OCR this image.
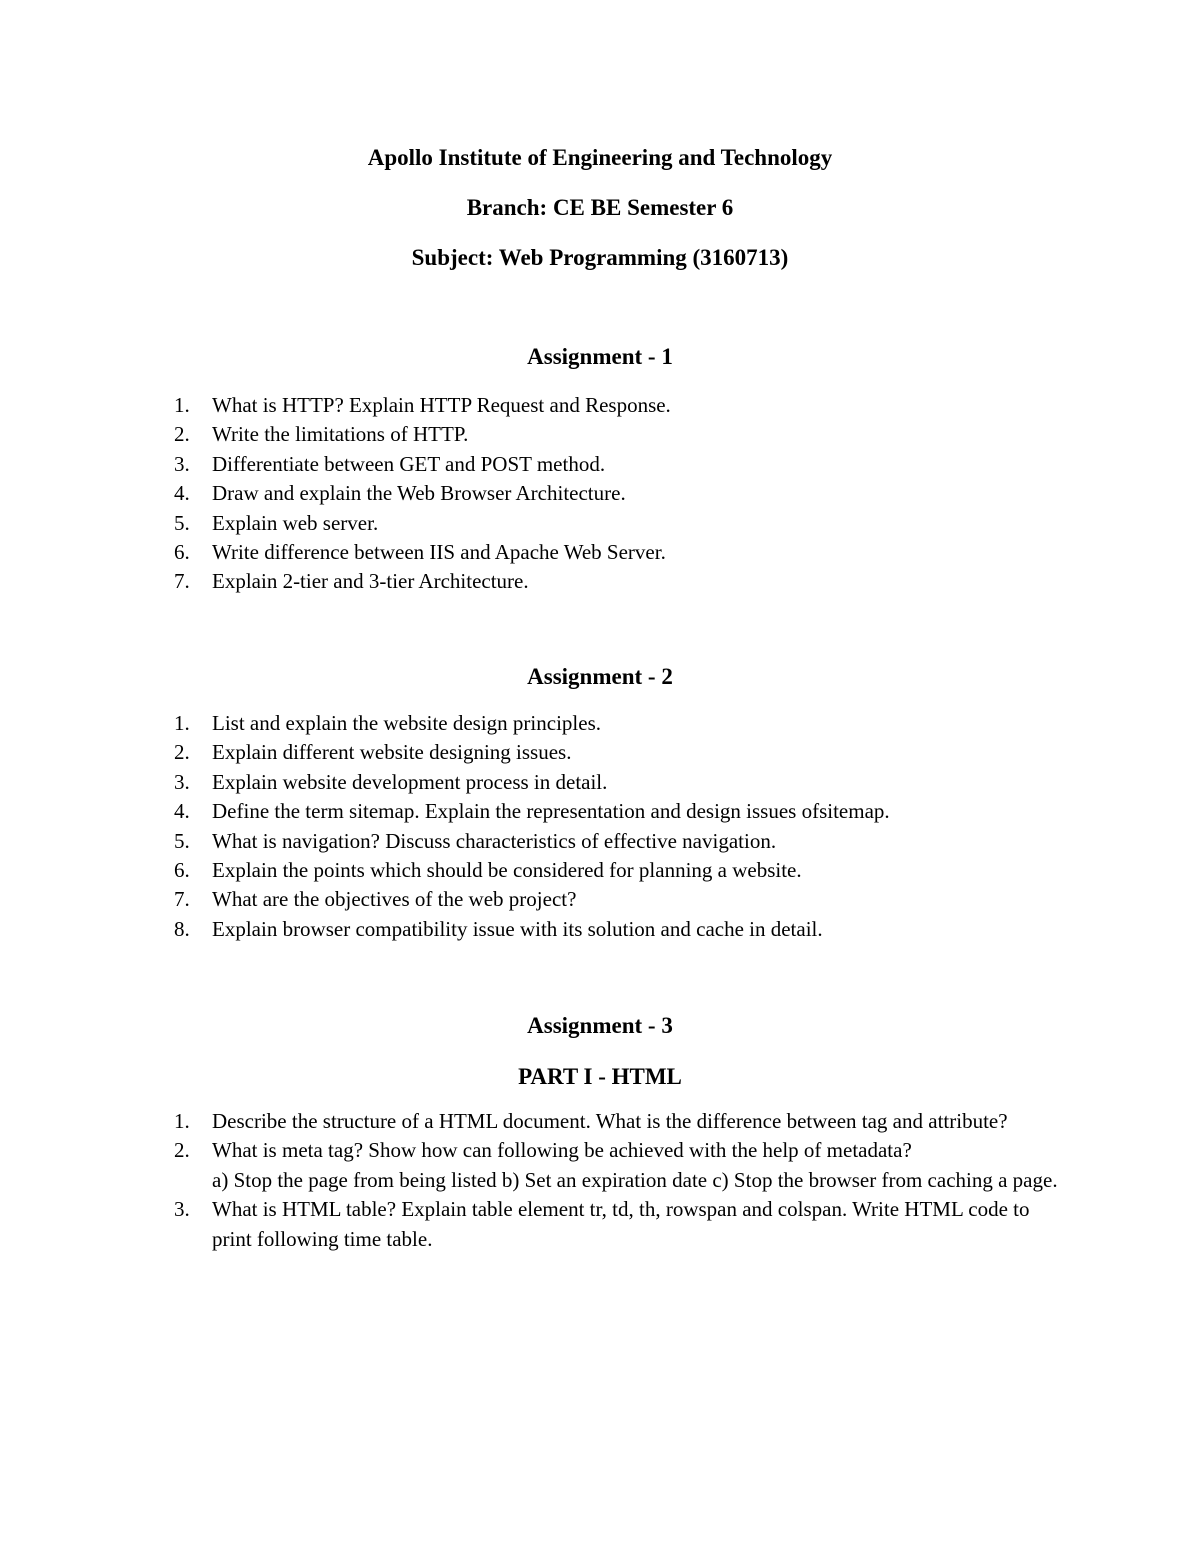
Apollo Institute of Engineering and Technology
Branch: CE BE Semester 6
Subject: Web Programming (3160713)
Assignment - 1
1. What is HTTP? Explain HTTP Request and Response.
2. Write the limitations of HTTP.
3. Differentiate between GET and POST method.
4. Draw and explain the Web Browser Architecture.
5. Explain web server.
6. Write difference between IIS and Apache Web Server.
7. Explain 2-tier and 3-tier Architecture.
Assignment - 2
1. List and explain the website design principles.
2. Explain different website designing issues.
3. Explain website development process in detail.
4. Define the term sitemap. Explain the representation and design issues ofsitemap.
5. What is navigation? Discuss characteristics of effective navigation.
6. Explain the points which should be considered for planning a website.
7. What are the objectives of the web project?
8. Explain browser compatibility issue with its solution and cache in detail.
Assignment - 3
PART I - HTML
1. Describe the structure of a HTML document. What is the difference between tag and attribute?
2. What is meta tag? Show how can following be achieved with the help of metadata?
a) Stop the page from being listed b) Set an expiration date c) Stop the browser from caching a page.
3. What is HTML table? Explain table element tr, td, th, rowspan and colspan. Write HTML code to print following time table.
